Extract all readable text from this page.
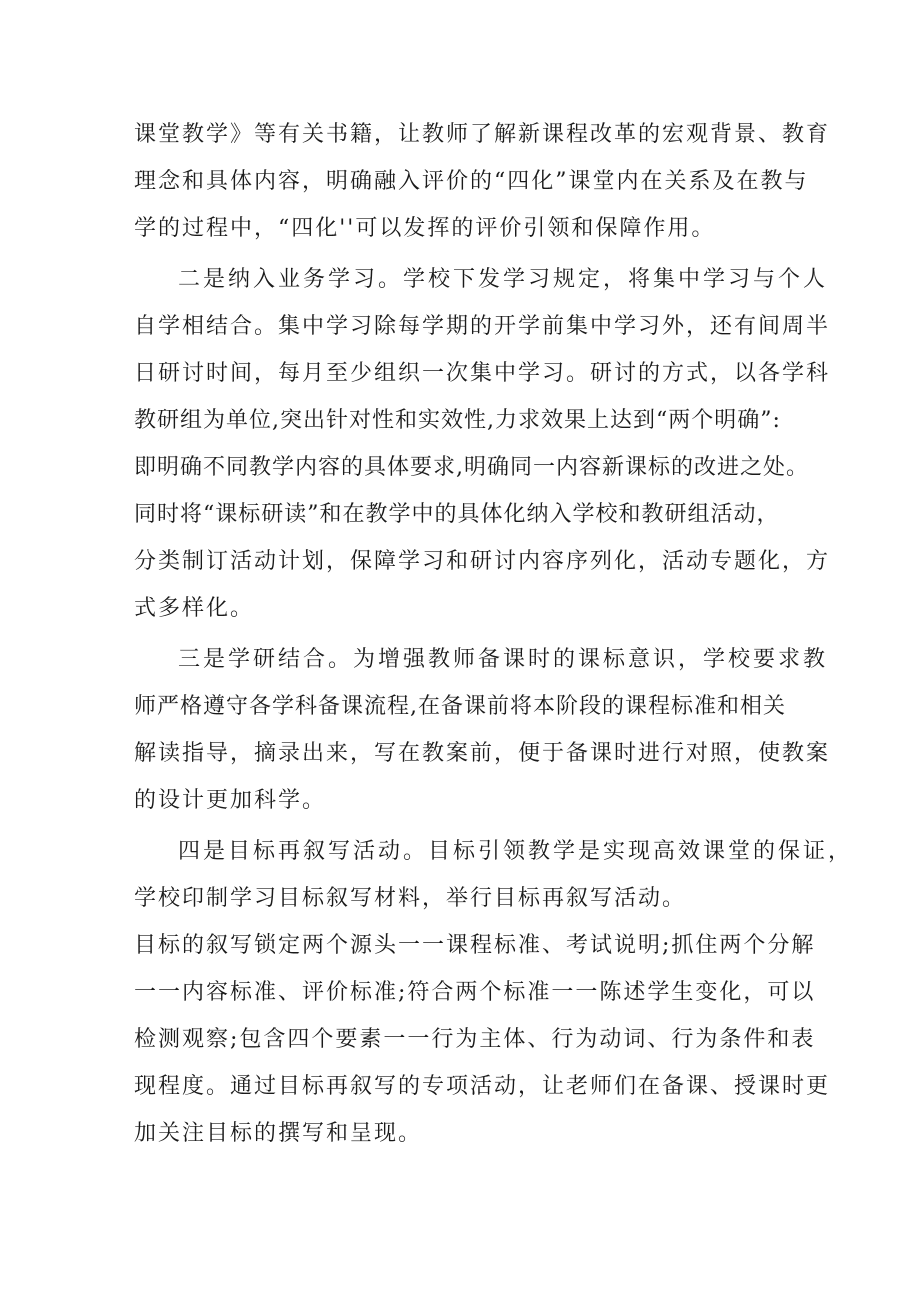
课堂教学》等有关书籍，让教师了解新课程改革的宏观背景、教育
理念和具体内容，明确融入评价的“四化”课堂内在关系及在教与
学的过程中，“四化''可以发挥的评价引领和保障作用。
二是纳入业务学习。学校下发学习规定，将集中学习与个人
自学相结合。集中学习除每学期的开学前集中学习外，还有间周半
日研讨时间，每月至少组织一次集中学习。研讨的方式，以各学科
教研组为单位,突出针对性和实效性,力求效果上达到“两个明确”:
即明确不同教学内容的具体要求,明确同一内容新课标的改进之处。
同时将“课标研读”和在教学中的具体化纳入学校和教研组活动，
分类制订活动计划，保障学习和研讨内容序列化，活动专题化，方
式多样化。
三是学研结合。为增强教师备课时的课标意识，学校要求教
师严格遵守各学科备课流程,在备课前将本阶段的课程标准和相关
解读指导，摘录出来，写在教案前，便于备课时进行对照，使教案
的设计更加科学。
四是目标再叙写活动。目标引领教学是实现高效课堂的保证，
学校印制学习目标叙写材料，举行目标再叙写活动。
目标的叙写锁定两个源头一一课程标准、考试说明;抓住两个分解
一一内容标准、评价标准;符合两个标准一一陈述学生变化，可以
检测观察;包含四个要素一一行为主体、行为动词、行为条件和表
现程度。通过目标再叙写的专项活动，让老师们在备课、授课时更
加关注目标的撰写和呈现。
